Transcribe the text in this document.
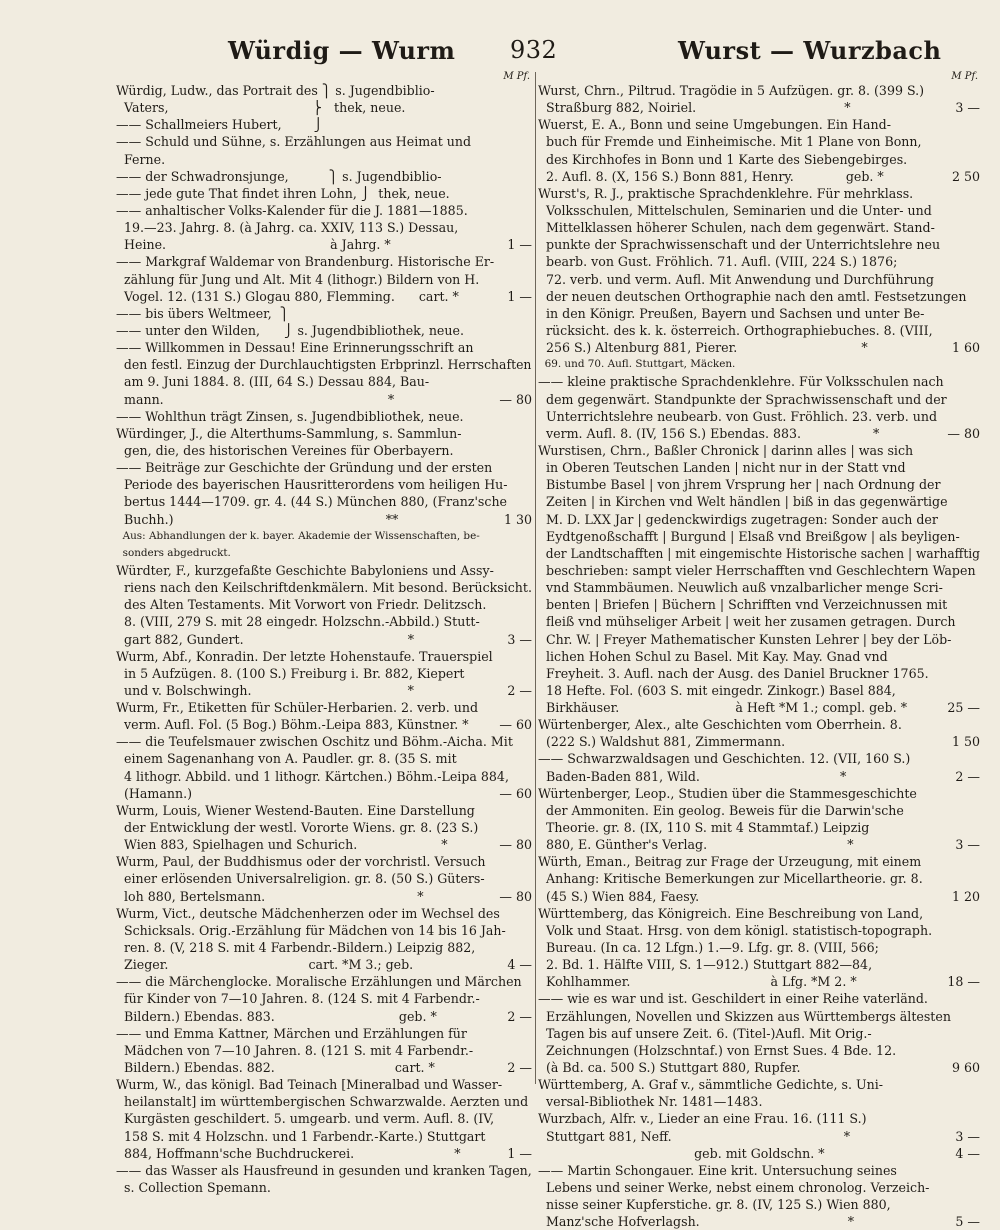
Würdig — Wurm 932	Wurst — Wurzbach
M Pf.
Würdig, Ludw., das Portrait des ⎫ s. Jugendbiblio-
Vaters,                                    ⎬   thek, neue.
—— Schallmeiers Hubert,        ⎭
—— Schuld und Sühne, s. Erzählungen aus Heimat und
Ferne.
—— der Schwadronsjunge,          ⎫ s. Jugendbiblio-
—— jede gute That findet ihren Lohn, ⎭  thek, neue.
—— anhaltischer Volks-Kalender für die J. 1881—1885.
19.—23. Jahrg. 8. (à Jahrg. ca. XXIV, 113 S.) Dessau,
Heine.                                         à Jahrg. *	1 —
—— Markgraf Waldemar von Brandenburg. Historische Er-
zählung für Jung und Alt. Mit 4 (lithogr.) Bildern von H.
Vogel. 12. (131 S.) Glogau 880, Flemming.      cart. *	1 —
—— bis übers Weltmeer,  ⎫
—— unter den Wilden,      ⎭ s. Jugendbibliothek, neue.
—— Willkommen in Dessau! Eine Erinnerungsschrift an
den festl. Einzug der Durchlauchtigsten Erbprinzl. Herrschaften
am 9. Juni 1884. 8. (III, 64 S.) Dessau 884, Bau-
mann.                                                        *	— 80
—— Wohlthun trägt Zinsen, s. Jugendbibliothek, neue.
Würdinger, J., die Alterthums-Sammlung, s. Sammlun-
gen, die, des historischen Vereines für Oberbayern.
—— Beiträge zur Geschichte der Gründung und der ersten
Periode des bayerischen Hausritterordens vom heiligen Hu-
bertus 1444—1709. gr. 4. (44 S.) München 880, (Franz'sche
Buchh.)                                                     **	1 30
Aus: Abhandlungen der k. bayer. Akademie der Wissenschaften, be-
sonders abgedruckt.
Würdter, F., kurzgefaßte Geschichte Babyloniens und Assy-
riens nach den Keilschriftdenkmälern. Mit besond. Berücksicht.
des Alten Testaments. Mit Vorwort von Friedr. Delitzsch.
8. (VIII, 279 S. mit 28 eingedr. Holzschn.-Abbild.) Stutt-
gart 882, Gundert.                                         *	3 —
Wurm, Abf., Konradin. Der letzte Hohenstaufe. Trauerspiel
in 5 Aufzügen. 8. (100 S.) Freiburg i. Br. 882, Kiepert
und v. Bolschwingh.                                       *	2 —
Wurm, Fr., Etiketten für Schüler-Herbarien. 2. verb. und
verm. Aufl. Fol. (5 Bog.) Böhm.-Leipa 883, Künstner. * — 60
—— die Teufelsmauer zwischen Oschitz und Böhm.-Aicha. Mit
einem Sagenanhang von A. Paudler. gr. 8. (35 S. mit
4 lithogr. Abbild. und 1 lithogr. Kärtchen.) Böhm.-Leipa 884,
(Hamann.)	— 60
Wurm, Louis, Wiener Westend-Bauten. Eine Darstellung
der Entwicklung der westl. Vororte Wiens. gr. 8. (23 S.)
Wien 883, Spielhagen und Schurich.                     *	— 80
Wurm, Paul, der Buddhismus oder der vorchristl. Versuch
einer erlösenden Universalreligion. gr. 8. (50 S.) Güters-
loh 880, Bertelsmann.                                      *	— 80
Wurm, Vict., deutsche Mädchenherzen oder im Wechsel des
Schicksals. Orig.-Erzählung für Mädchen von 14 bis 16 Jah-
ren. 8. (V, 218 S. mit 4 Farbendr.-Bildern.) Leipzig 882,
Zieger.                                   cart. *M 3.; geb.	4 —
—— die Märchenglocke. Moralische Erzählungen und Märchen
für Kinder von 7—10 Jahren. 8. (124 S. mit 4 Farbendr.-
Bildern.) Ebendas. 883.                               geb. *	2 —
—— und Emma Kattner, Märchen und Erzählungen für
Mädchen von 7—10 Jahren. 8. (121 S. mit 4 Farbendr.-
Bildern.) Ebendas. 882.                              cart. *	2 —
Wurm, W., das königl. Bad Teinach [Mineralbad und Wasser-
heilanstalt] im württembergischen Schwarzwalde. Aerzten und
Kurgästen geschildert. 5. umgearb. und verm. Aufl. 8. (IV,
158 S. mit 4 Holzschn. und 1 Farbendr.-Karte.) Stuttgart
884, Hoffmann'sche Buchdruckerei.                         *	1 —
—— das Wasser als Hausfreund in gesunden und kranken Tagen,
s. Collection Spemann.
M Pf.
Wurst, Chrn., Piltrud. Tragödie in 5 Aufzügen. gr. 8. (399 S.)
Straßburg 882, Noiriel.                                     *	3 —
Wuerst, E. A., Bonn und seine Umgebungen. Ein Hand-
buch für Fremde und Einheimische. Mit 1 Plane von Bonn,
des Kirchhofes in Bonn und 1 Karte des Siebengebirges.
2. Aufl. 8. (X, 156 S.) Bonn 881, Henry.             geb. *	2 50
Wurst's, R. J., praktische Sprachdenklehre. Für mehrklass.
Volksschulen, Mittelschulen, Seminarien und die Unter- und
Mittelklassen höherer Schulen, nach dem gegenwärt. Stand-
punkte der Sprachwissenschaft und der Unterrichtslehre neu
bearb. von Gust. Fröhlich. 71. Aufl. (VIII, 224 S.) 1876;
72. verb. und verm. Aufl. Mit Anwendung und Durchführung
der neuen deutschen Orthographie nach den amtl. Festsetzungen
in den Königr. Preußen, Bayern und Sachsen und unter Be-
rücksicht. des k. k. österreich. Orthographiebuches. 8. (VIII,
256 S.) Altenburg 881, Pierer.                               *	1 60
69. und 70. Aufl. Stuttgart, Mäcken.
—— kleine praktische Sprachdenklehre. Für Volksschulen nach
dem gegenwärt. Standpunkte der Sprachwissenschaft und der
Unterrichtslehre neubearb. von Gust. Fröhlich. 23. verb. und
verm. Aufl. 8. (IV, 156 S.) Ebendas. 883.                  *	— 80
Wurstisen, Chrn., Baßler Chronick | darinn alles | was sich
in Oberen Teutschen Landen | nicht nur in der Statt vnd
Bistumbe Basel | von jhrem Vrsprung her | nach Ordnung der
Zeiten | in Kirchen vnd Welt händlen | biß in das gegenwärtige
M. D. LXX Jar | gedenckwirdigs zugetragen: Sonder auch der
Eydtgenoßschafft | Burgund | Elsaß vnd Breißgow | als beyligen-
der Landtschafften | mit eingemischte Historische sachen | warhafftig
beschrieben: sampt vieler Herrschafften vnd Geschlechtern Wapen
vnd Stammbäumen. Neuwlich auß vnzalbarlicher menge Scri-
benten | Briefen | Büchern | Schrifften vnd Verzeichnussen mit
fleiß vnd mühseliger Arbeit | weit her zusamen getragen. Durch
Chr. W. | Freyer Mathematischer Kunsten Lehrer | bey der Löb-
lichen Hohen Schul zu Basel. Mit Kay. May. Gnad vnd
Freyheit. 3. Aufl. nach der Ausg. des Daniel Bruckner 1765.
18 Hefte. Fol. (603 S. mit eingedr. Zinkogr.) Basel 884,
Birkhäuser.                             à Heft *M 1.; compl. geb. *	25 —
Würtenberger, Alex., alte Geschichten vom Oberrhein. 8.
(222 S.) Waldshut 881, Zimmermann.	1 50
—— Schwarzwaldsagen und Geschichten. 12. (VII, 160 S.)
Baden-Baden 881, Wild.                                   *	2 —
Würtenberger, Leop., Studien über die Stammesgeschichte
der Ammoniten. Ein geolog. Beweis für die Darwin'sche
Theorie. gr. 8. (IX, 110 S. mit 4 Stammtaf.) Leipzig
880, E. Günther's Verlag.                                   *	3 —
Würth, Eman., Beitrag zur Frage der Urzeugung, mit einem
Anhang: Kritische Bemerkungen zur Micellartheorie. gr. 8.
(45 S.) Wien 884, Faesy.	1 20
Württemberg, das Königreich. Eine Beschreibung von Land,
Volk und Staat. Hrsg. von dem königl. statistisch-topograph.
Bureau. (In ca. 12 Lfgn.) 1.—9. Lfg. gr. 8. (VIII, 566;
2. Bd. 1. Hälfte VIII, S. 1—912.) Stuttgart 882—84,
Kohlhammer.                                   à Lfg. *M 2. *	18 —
—— wie es war und ist. Geschildert in einer Reihe vaterländ.
Erzählungen, Novellen und Skizzen aus Württembergs ältesten
Tagen bis auf unsere Zeit. 6. (Titel-)Aufl. Mit Orig.-
Zeichnungen (Holzschntaf.) von Ernst Sues. 4 Bde. 12.
(à Bd. ca. 500 S.) Stuttgart 880, Rupfer.	9 60
Württemberg, A. Graf v., sämmtliche Gedichte, s. Uni-
versal-Bibliothek Nr. 1481—1483.
Wurzbach, Alfr. v., Lieder an eine Frau. 16. (111 S.)
Stuttgart 881, Neff.                                           *	3 —
geb. mit Goldschn. *	4 —
—— Martin Schongauer. Eine krit. Untersuchung seines
Lebens und seiner Werke, nebst einem chronolog. Verzeich-
nisse seiner Kupferstiche. gr. 8. (IV, 125 S.) Wien 880,
Manz'sche Hofverlagsh.                                     *	5 —
